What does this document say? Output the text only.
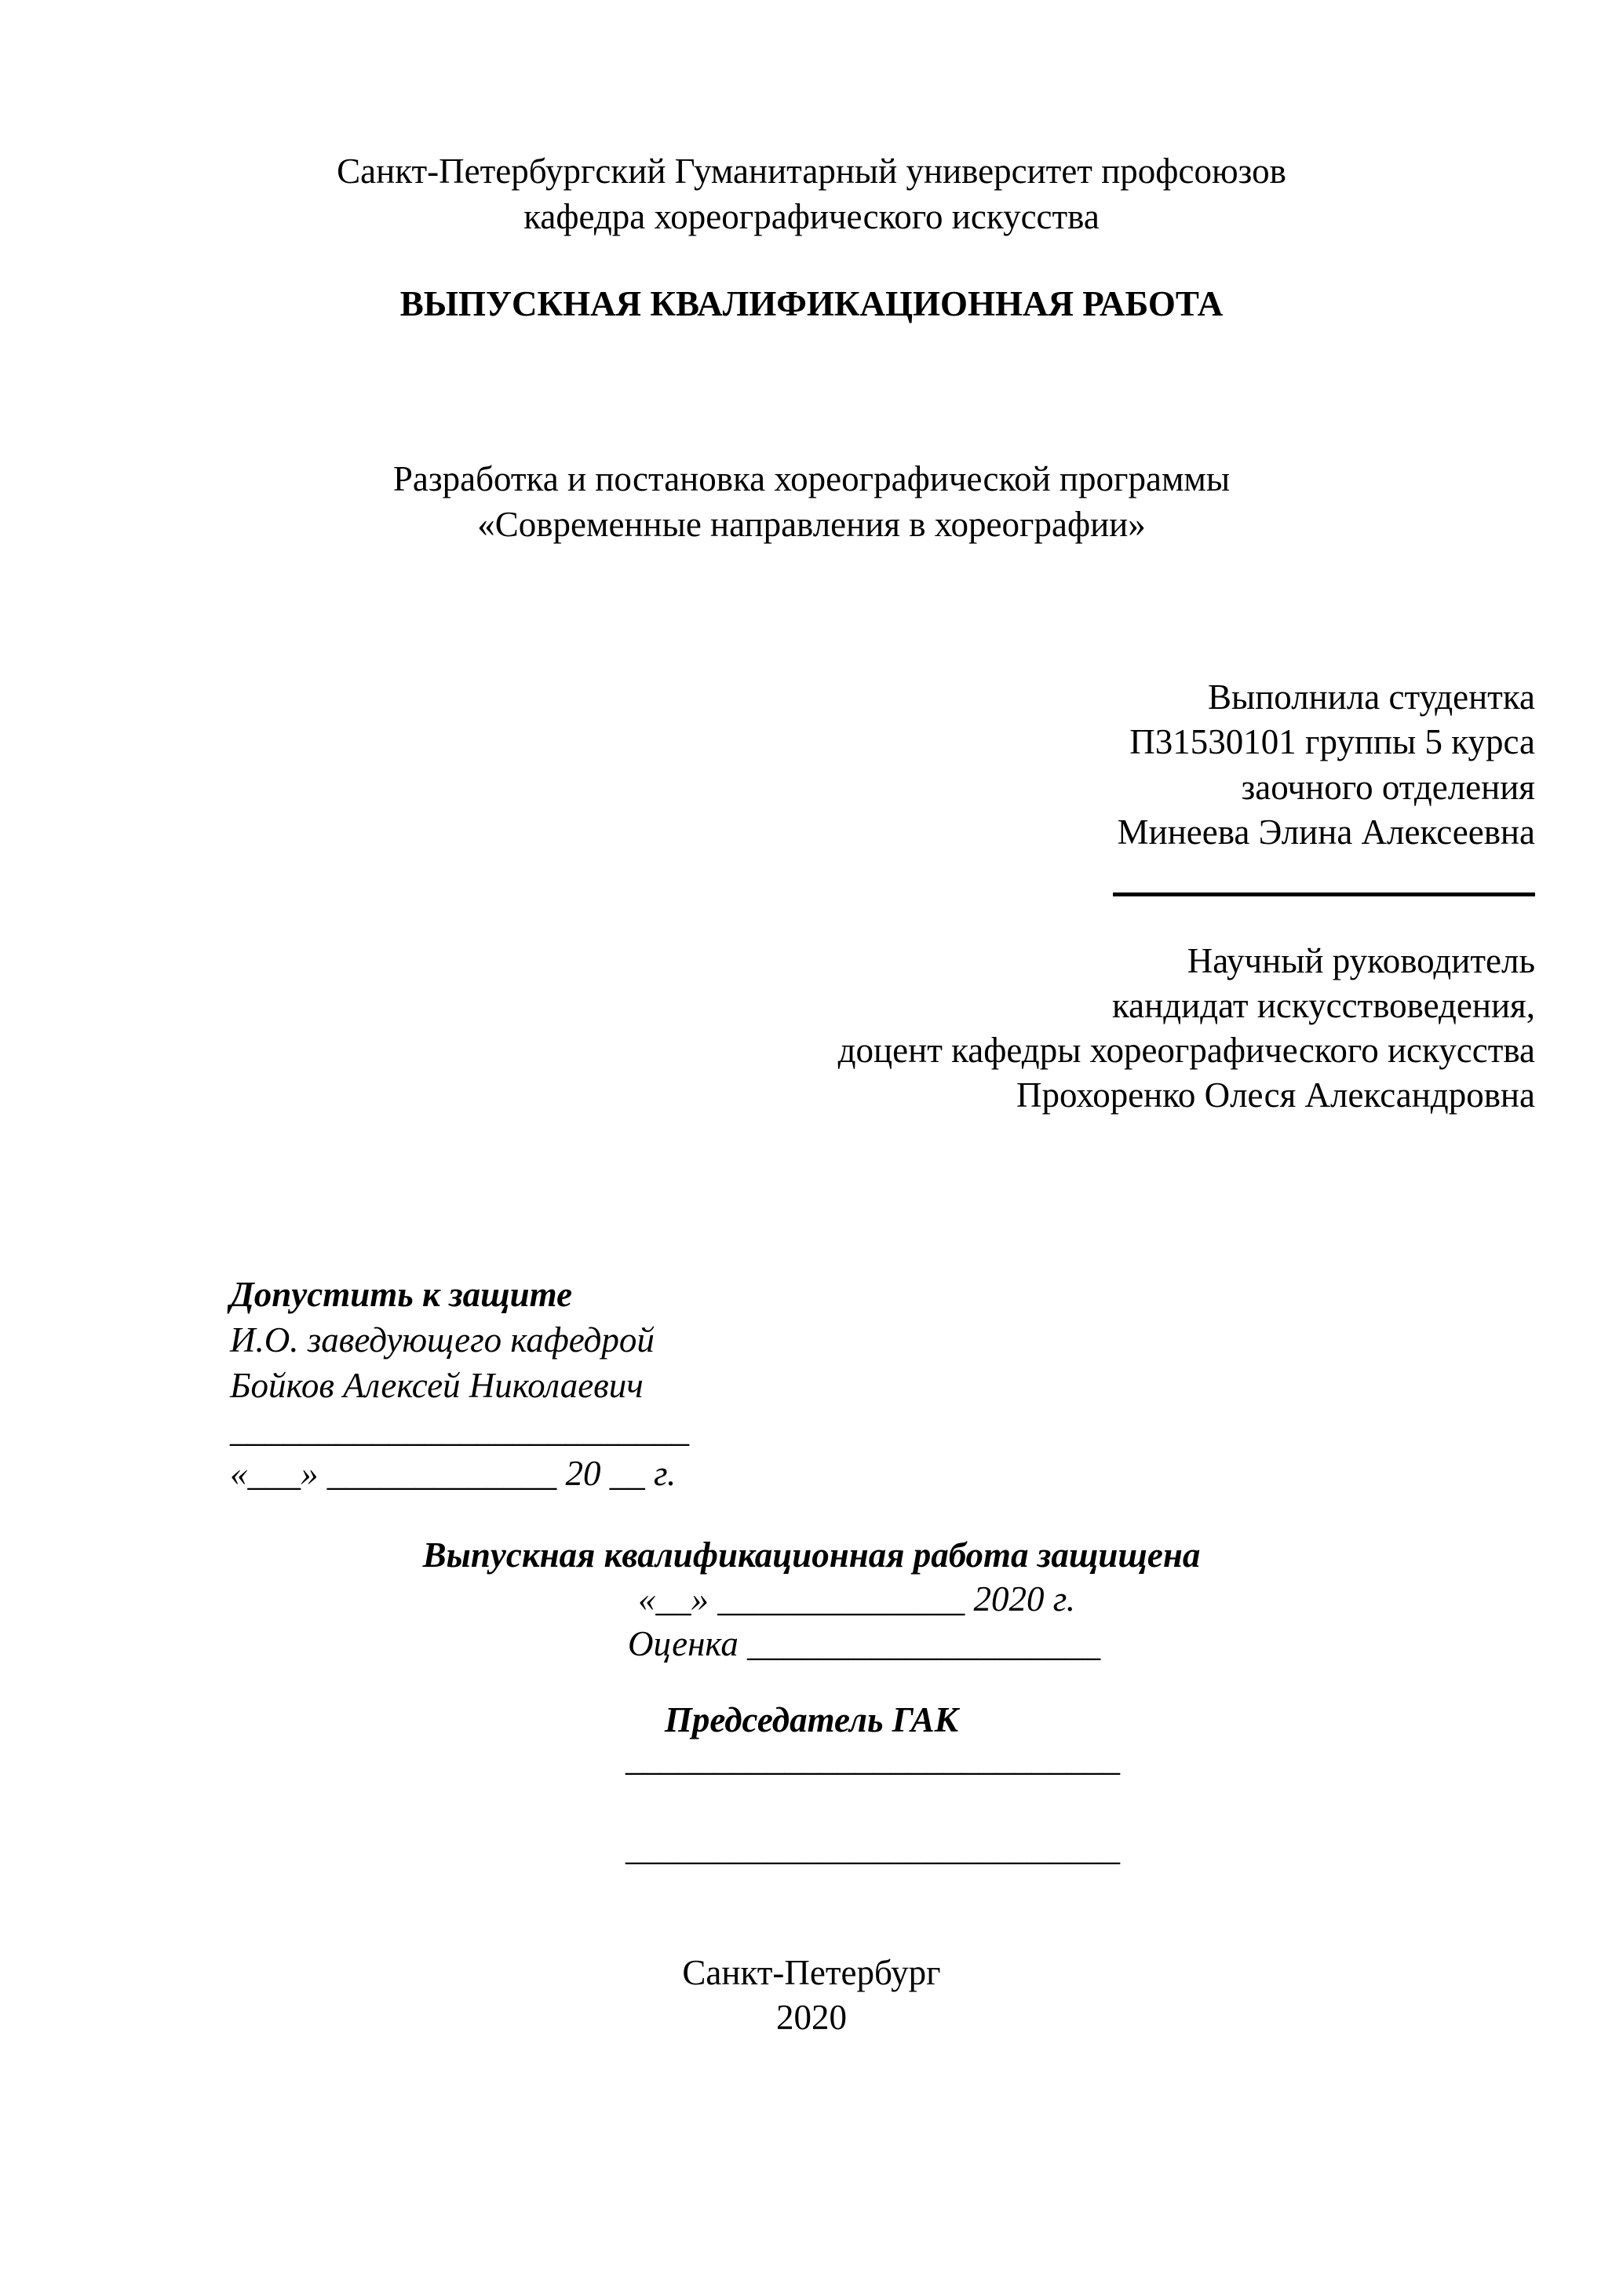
Санкт-Петербургский Гуманитарный университет профсоюзов
кафедра хореографического искусства
ВЫПУСКНАЯ КВАЛИФИКАЦИОННАЯ РАБОТА
Разработка и постановка хореографической программы
«Современные направления в хореографии»
Выполнила студентка
П31530101 группы 5 курса
заочного отделения
Минеева Элина Алексеевна
Научный руководитель
кандидат искусствоведения,
доцент кафедры хореографического искусства
Прохоренко Олеся Александровна
Допустить к защите
И.О. заведующего кафедрой
Бойков Алексей Николаевич
__________________________
«___» _____________ 20 __ г.
Выпускная квалификационная работа защищена
«__» ______________ 2020 г.
Оценка ____________________
Председатель ГАК
____________________________
____________________________
Санкт-Петербург
2020
